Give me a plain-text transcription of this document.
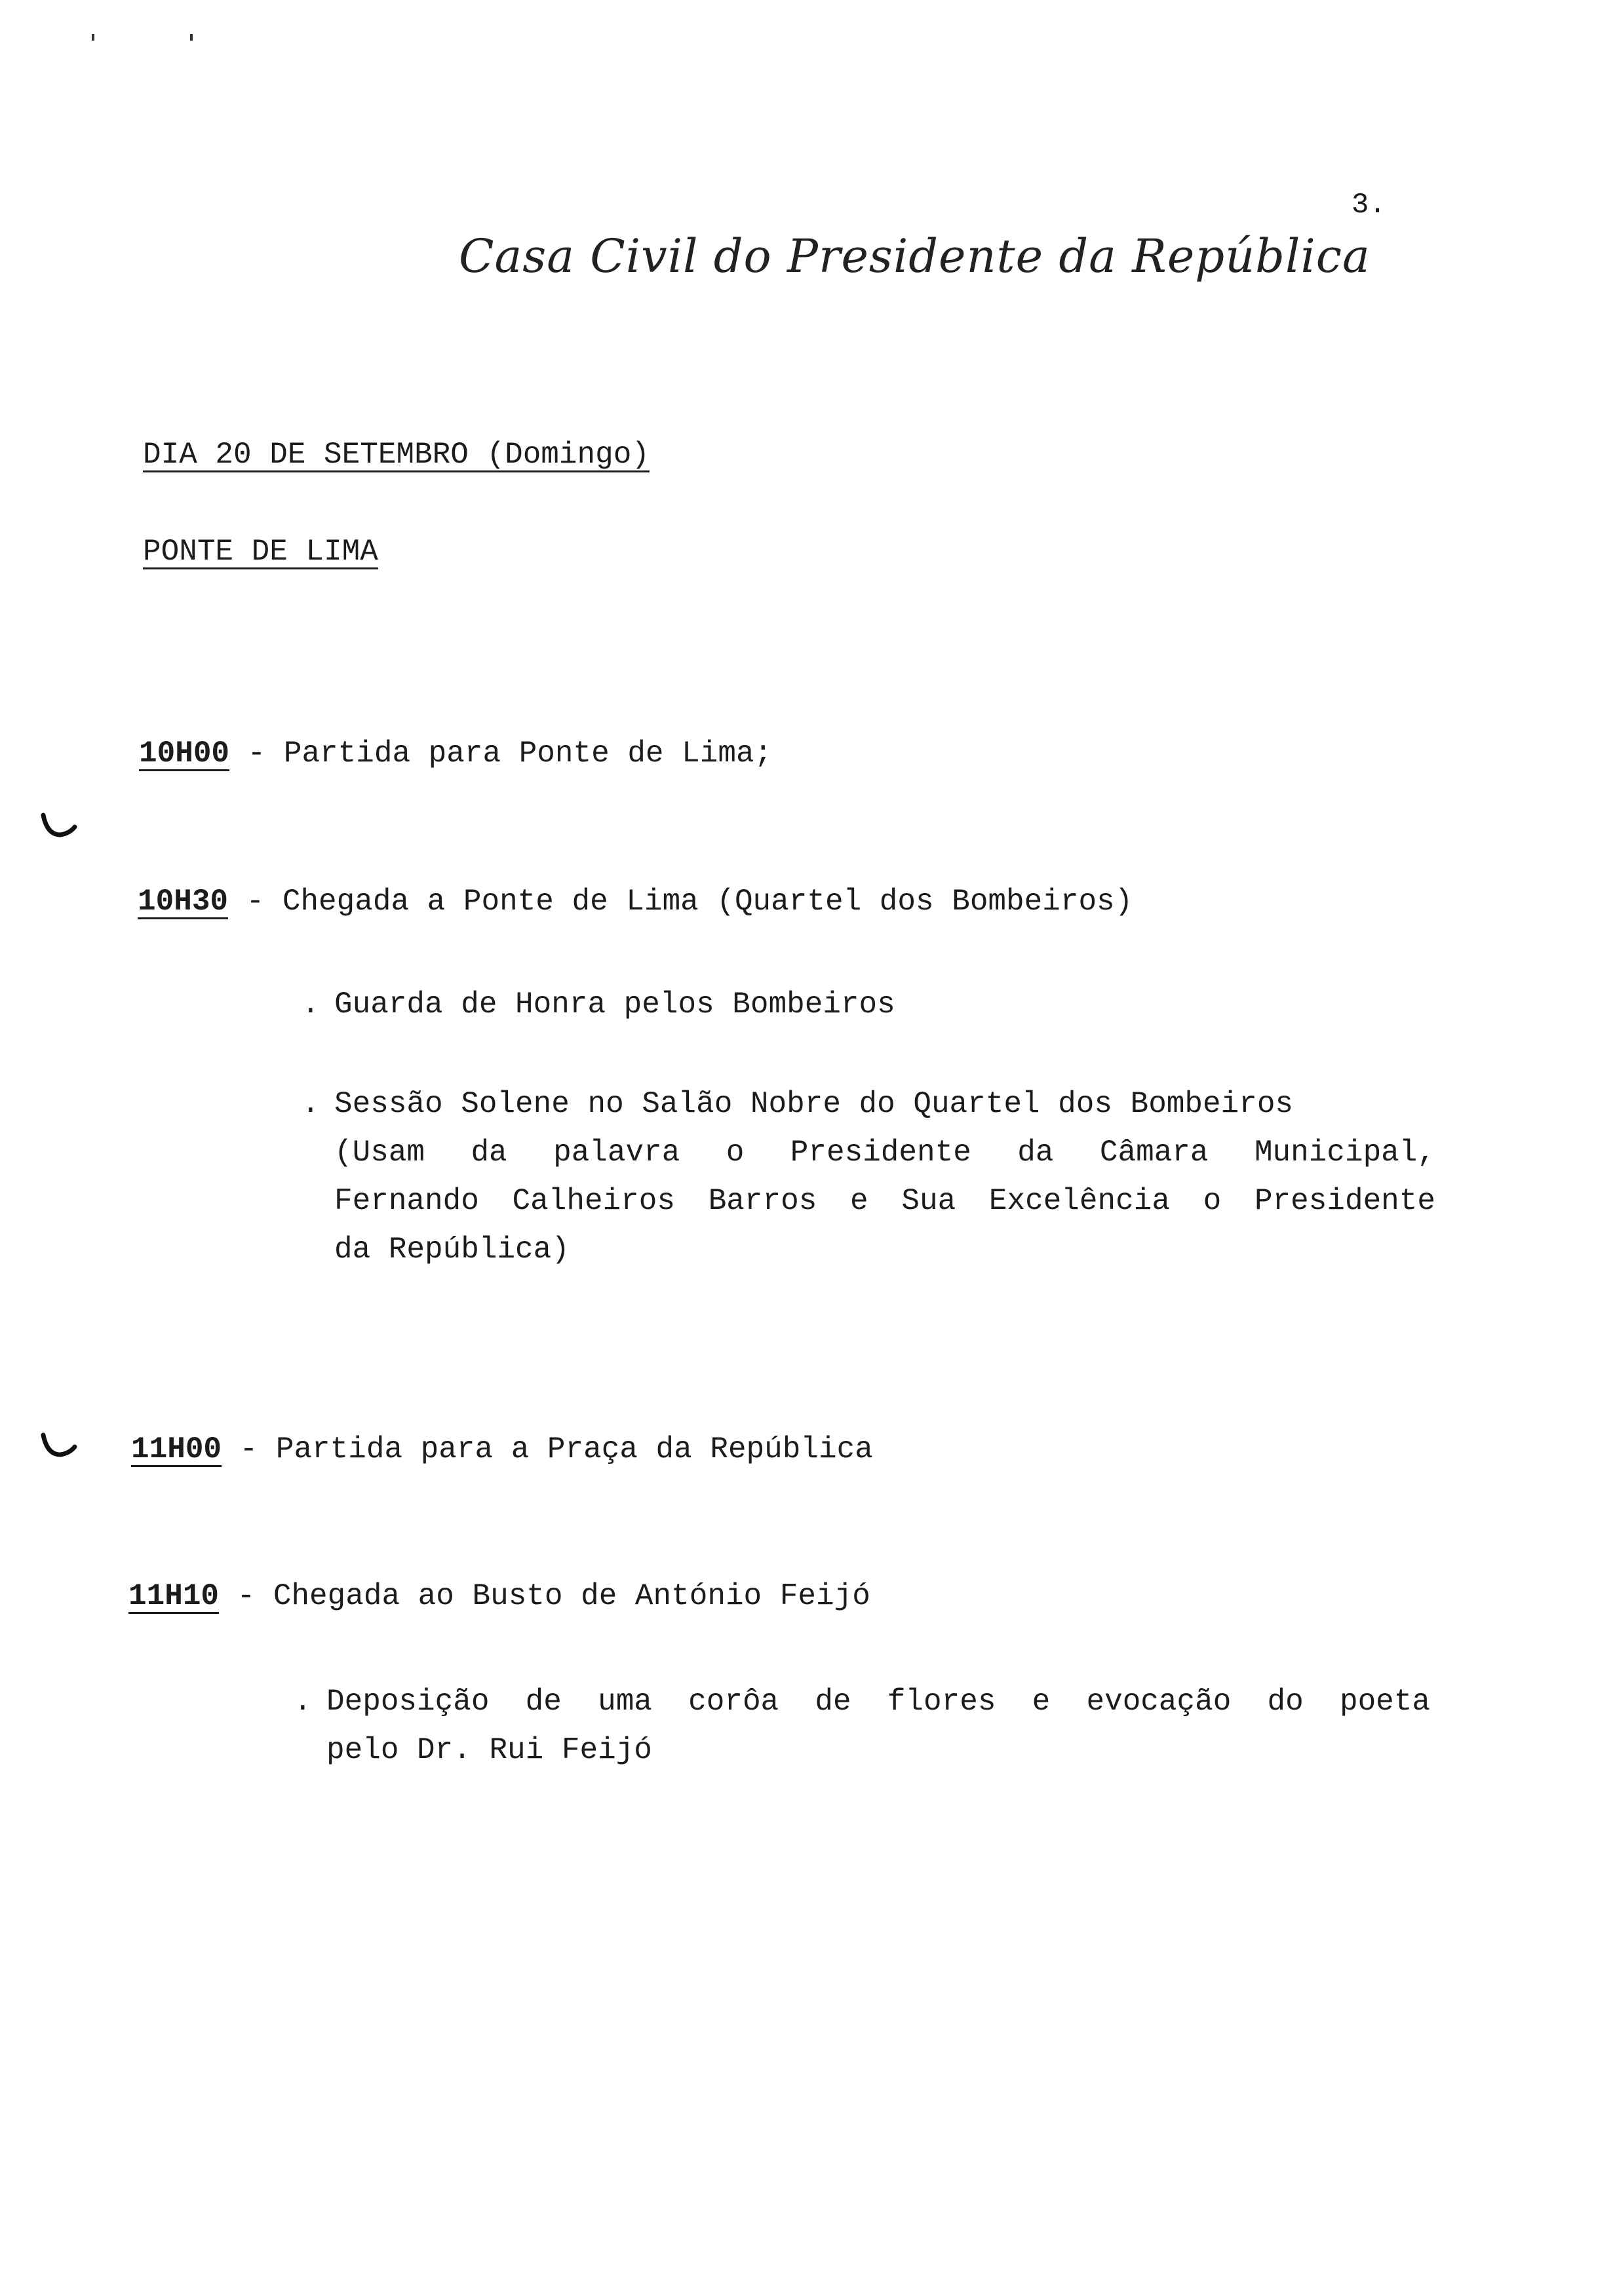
3.
Casa Civil do Presidente da República
DIA 20 DE SETEMBRO (Domingo)
PONTE DE LIMA
10H00 - Partida para Ponte de Lima;
10H30 - Chegada a Ponte de Lima (Quartel dos Bombeiros)
. Guarda de Honra pelos Bombeiros
. Sessão Solene no Salão Nobre do Quartel dos Bombeiros
(Usam da palavra o Presidente da Câmara Municipal,
Fernando Calheiros Barros e Sua Excelência o Presidente
da República)
11H00 - Partida para a Praça da República
11H10 - Chegada ao Busto de António Feijó
. Deposição de uma corôa de flores e evocação do poeta
pelo Dr. Rui Feijó
